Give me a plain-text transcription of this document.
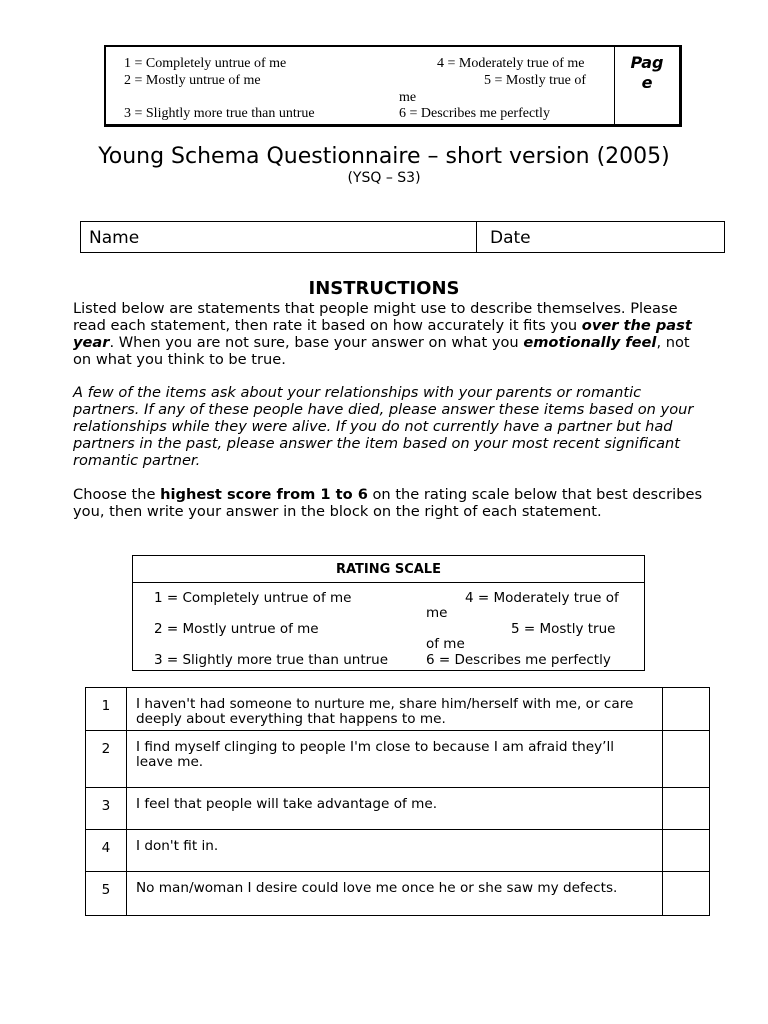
1 = Completely untrue of me	4 = Moderately true of me
2 = Mostly untrue of me	5 = Mostly true of
me
3 = Slightly more true than untrue	6 = Describes me perfectly
Pag
e
Young Schema Questionnaire – short version (2005)
(YSQ – S3)
Name	Date
INSTRUCTIONS
Listed below are statements that people might use to describe themselves. Please read each statement, then rate it based on how accurately it fits you over the past year. When you are not sure, base your answer on what you emotionally feel, not on what you think to be true.
A few of the items ask about your relationships with your parents or romantic partners. If any of these people have died, please answer these items based on your relationships while they were alive. If you do not currently have a partner but had partners in the past, please answer the item based on your most recent significant romantic partner.
Choose the highest score from 1 to 6 on the rating scale below that best describes you, then write your answer in the block on the right of each statement.
RATING SCALE
1 = Completely untrue of me	4 = Moderately true of
me
2 = Mostly untrue of me	5 = Mostly true
of me
3 = Slightly more true than untrue	6 = Describes me perfectly
1	I haven't had someone to nurture me, share him/herself with me, or care deeply about everything that happens to me.	
2	I find myself clinging to people I'm close to because I am afraid they’ll leave me.	
3	I feel that people will take advantage of me.	
4	I don't fit in.	
5	No man/woman I desire could love me once he or she saw my defects.	
